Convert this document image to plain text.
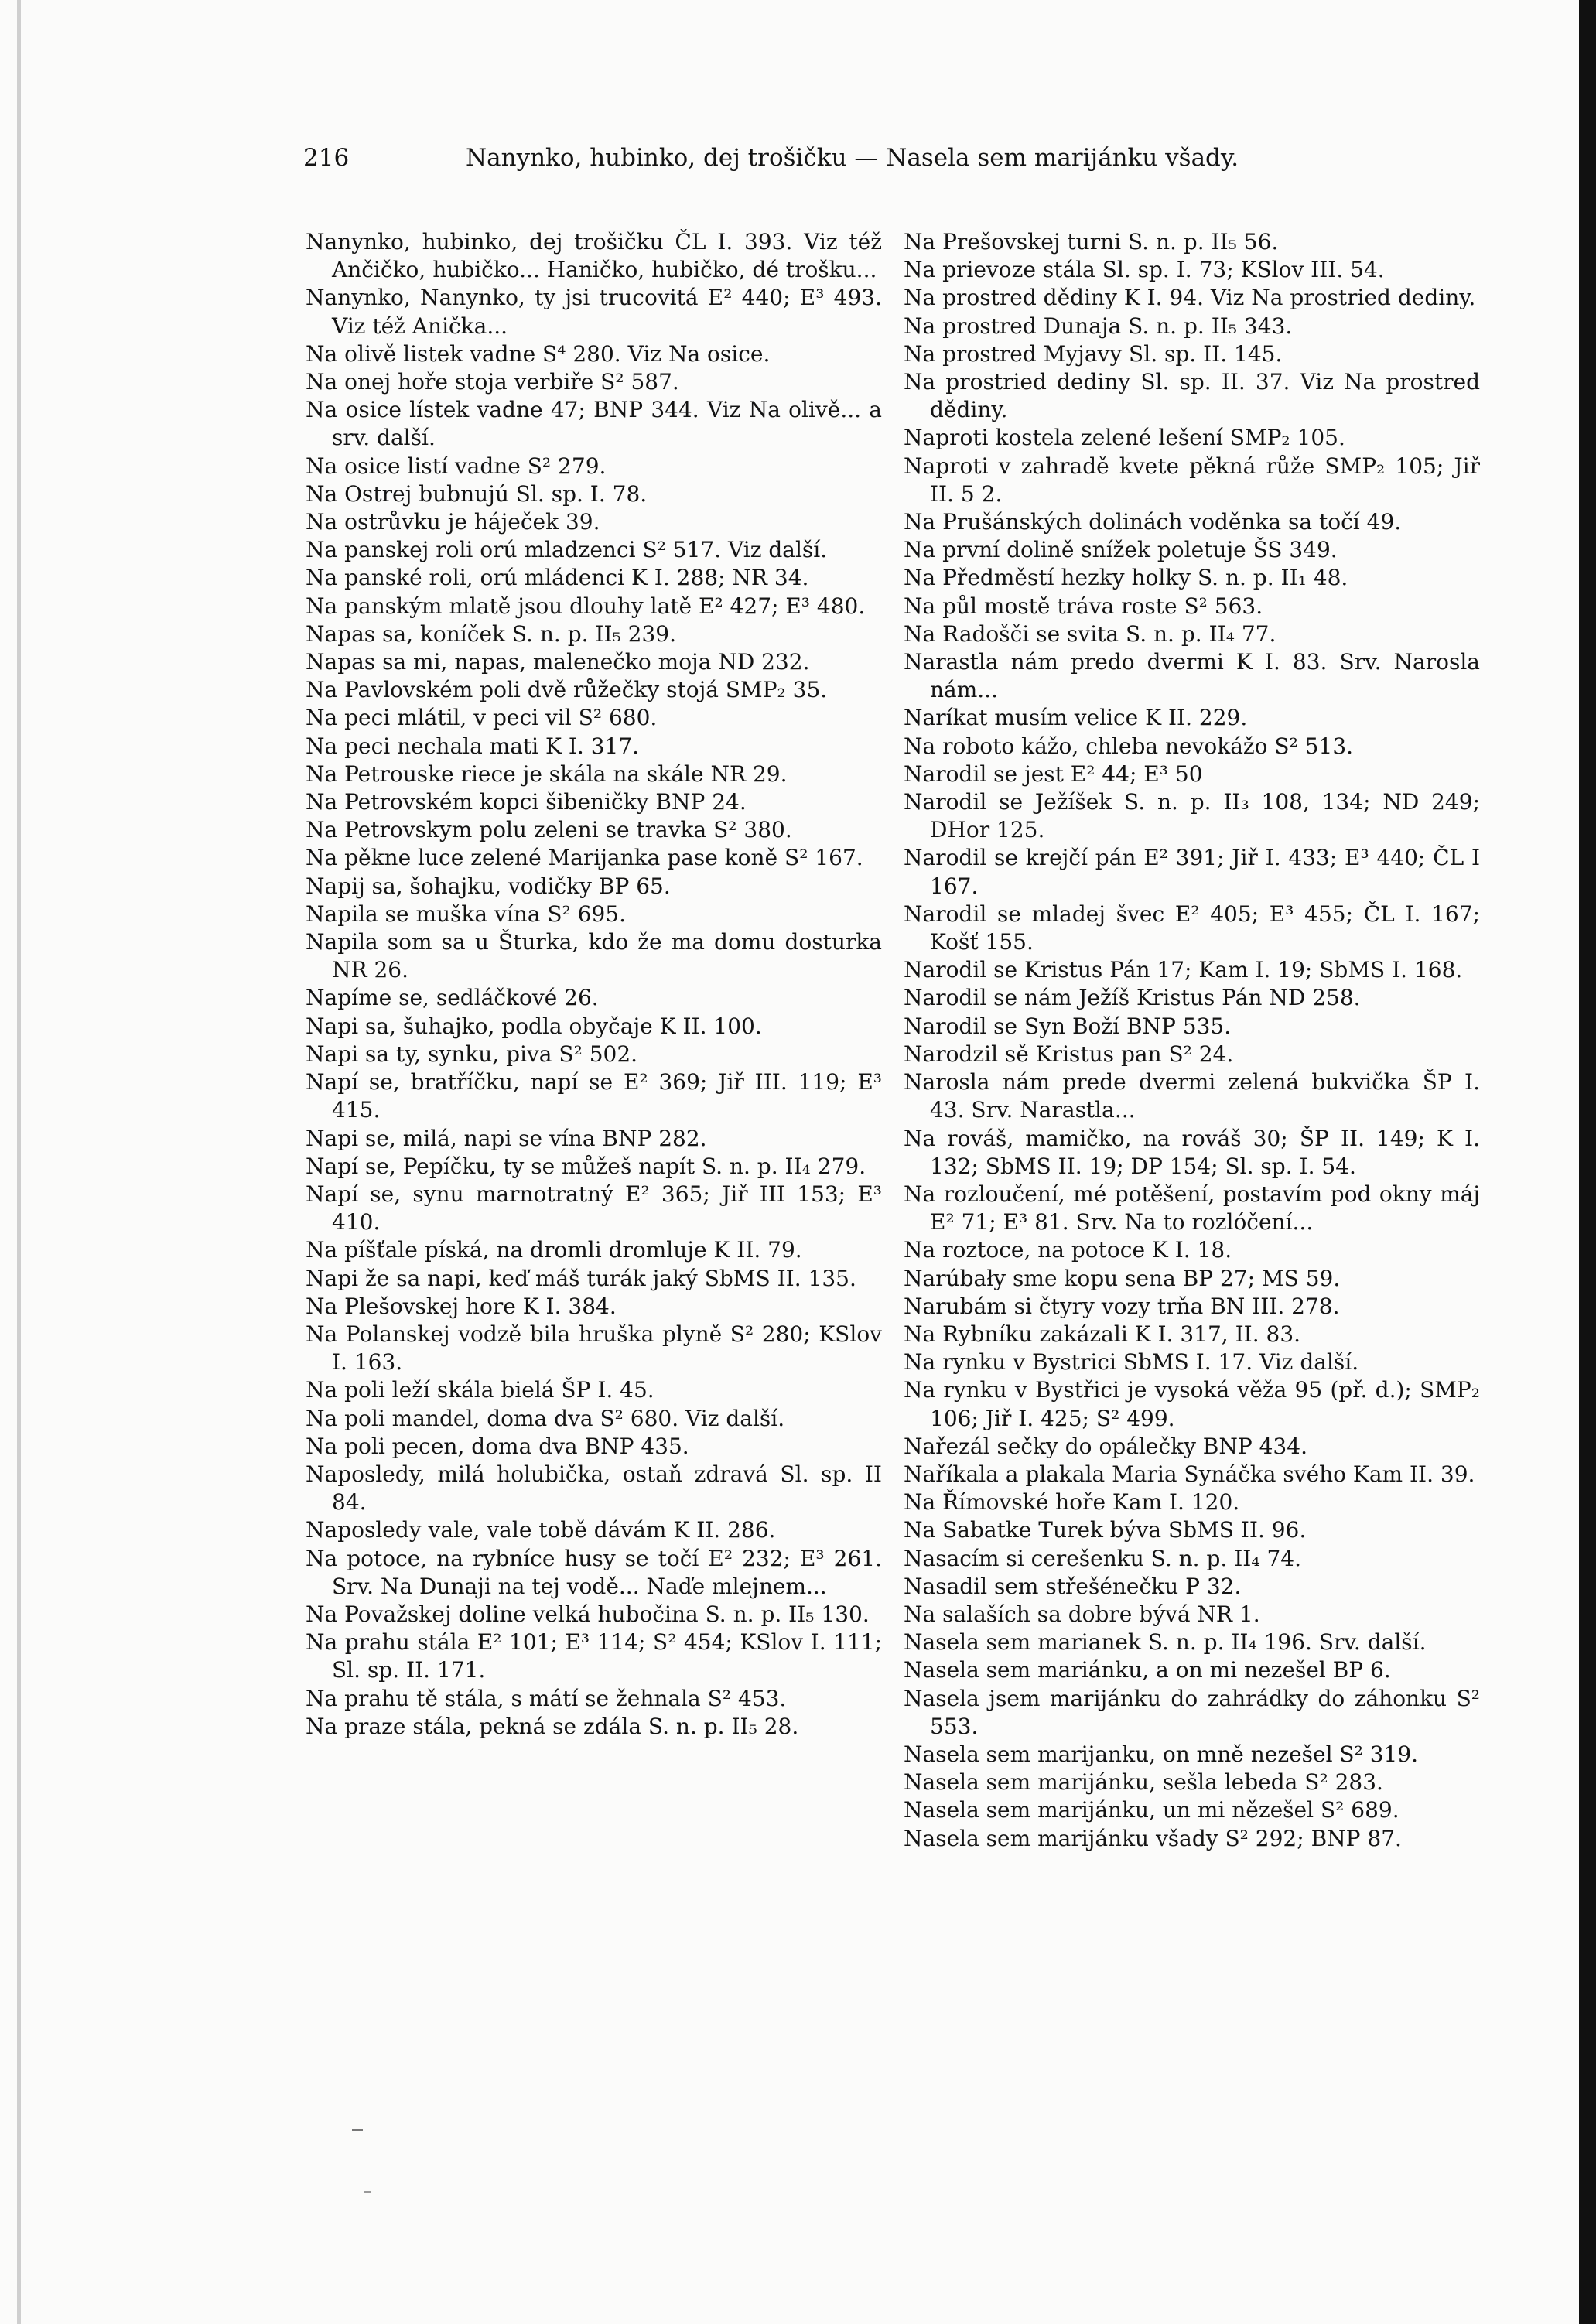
216	Nanynko, hubinko, dej trošičku — Nasela sem marijánku všady.
Nanynko, hubinko, dej trošičku ČL I. 393. Viz též Ančičko, hubičko... Haničko, hubičko, dé trošku...
Nanynko, Nanynko, ty jsi trucovitá E² 440; E³ 493. Viz též Anička...
Na olivě listek vadne S⁴ 280. Viz Na osice.
Na onej hoře stoja verbiře S² 587.
Na osice lístek vadne 47; BNP 344. Viz Na olivě... a srv. další.
Na osice listí vadne S² 279.
Na Ostrej bubnujú Sl. sp. I. 78.
Na ostrůvku je háječek 39.
Na panskej roli orú mladzenci S² 517. Viz další.
Na panské roli, orú mládenci K I. 288; NR 34.
Na panským mlatě jsou dlouhy latě E² 427; E³ 480.
Napas sa, koníček S. n. p. II₅ 239.
Napas sa mi, napas, malenečko moja ND 232.
Na Pavlovském poli dvě růžečky stojá SMP₂ 35.
Na peci mlátil, v peci vil S² 680.
Na peci nechala mati K I. 317.
Na Petrouske riece je skála na skále NR 29.
Na Petrovském kopci šibeničky BNP 24.
Na Petrovskym polu zeleni se travka S² 380.
Na pěkne luce zelené Marijanka pase koně S² 167.
Napij sa, šohajku, vodičky BP 65.
Napila se muška vína S² 695.
Napila som sa u Šturka, kdo že ma domu dosturka NR 26.
Napíme se, sedláčkové 26.
Napi sa, šuhajko, podla obyčaje K II. 100.
Napi sa ty, synku, piva S² 502.
Napí se, bratříčku, napí se E² 369; Jiř III. 119; E³ 415.
Napi se, milá, napi se vína BNP 282.
Napí se, Pepíčku, ty se můžeš napít S. n. p. II₄ 279.
Napí se, synu marnotratný E² 365; Jiř III 153; E³ 410.
Na píšťale píská, na dromli dromluje K II. 79.
Napi že sa napi, keď máš turák jaký SbMS II. 135.
Na Plešovskej hore K I. 384.
Na Polanskej vodzě bila hruška plyně S² 280; KSlov I. 163.
Na poli leží skála bielá ŠP I. 45.
Na poli mandel, doma dva S² 680. Viz další.
Na poli pecen, doma dva BNP 435.
Naposledy, milá holubička, ostaň zdravá Sl. sp. II 84.
Naposledy vale, vale tobě dávám K II. 286.
Na potoce, na rybníce husy se točí E² 232; E³ 261. Srv. Na Dunaji na tej vodě... Naďe mlejnem...
Na Považskej doline velká hubočina S. n. p. II₅ 130.
Na prahu stála E² 101; E³ 114; S² 454; KSlov I. 111; Sl. sp. II. 171.
Na prahu tě stála, s mátí se žehnala S² 453.
Na praze stála, pekná se zdála S. n. p. II₅ 28.
Na Prešovskej turni S. n. p. II₅ 56.
Na prievoze stála Sl. sp. I. 73; KSlov III. 54.
Na prostred dědiny K I. 94. Viz Na prostried dediny.
Na prostred Dunaja S. n. p. II₅ 343.
Na prostred Myjavy Sl. sp. II. 145.
Na prostried dediny Sl. sp. II. 37. Viz Na prostred dědiny.
Naproti kostela zelené lešení SMP₂ 105.
Naproti v zahradě kvete pěkná růže SMP₂ 105; Jiř II. 5 2.
Na Prušánských dolinách voděnka sa točí 49.
Na první dolině snížek poletuje ŠS 349.
Na Předměstí hezky holky S. n. p. II₁ 48.
Na půl mostě tráva roste S² 563.
Na Radošči se svita S. n. p. II₄ 77.
Narastla nám predo dvermi K I. 83. Srv. Narosla nám...
Naríkat musím velice K II. 229.
Na roboto kážo, chleba nevokážo S² 513.
Narodil se jest E² 44; E³ 50
Narodil se Ježíšek S. n. p. II₃ 108, 134; ND 249; DHor 125.
Narodil se krejčí pán E² 391; Jiř I. 433; E³ 440; ČL I 167.
Narodil se mladej švec E² 405; E³ 455; ČL I. 167; Košť 155.
Narodil se Kristus Pán 17; Kam I. 19; SbMS I. 168.
Narodil se nám Ježíš Kristus Pán ND 258.
Narodil se Syn Boží BNP 535.
Narodzil sě Kristus pan S² 24.
Narosla nám prede dvermi zelená bukvička ŠP I. 43. Srv. Narastla...
Na rováš, mamičko, na rováš 30; ŠP II. 149; K I. 132; SbMS II. 19; DP 154; Sl. sp. I. 54.
Na rozloučení, mé potěšení, postavím pod okny máj E² 71; E³ 81. Srv. Na to rozlóčení...
Na roztoce, na potoce K I. 18.
Narúbały sme kopu sena BP 27; MS 59.
Narubám si čtyry vozy trňa BN III. 278.
Na Rybníku zakázali K I. 317, II. 83.
Na rynku v Bystrici SbMS I. 17. Viz další.
Na rynku v Bystřici je vysoká věža 95 (př. d.); SMP₂ 106; Jiř I. 425; S² 499.
Nařezál sečky do opálečky BNP 434.
Naříkala a plakala Maria Synáčka svého Kam II. 39.
Na Římovské hoře Kam I. 120.
Na Sabatke Turek býva SbMS II. 96.
Nasacím si cerešenku S. n. p. II₄ 74.
Nasadil sem střešénečku P 32.
Na salaších sa dobre bývá NR 1.
Nasela sem marianek S. n. p. II₄ 196. Srv. další.
Nasela sem mariánku, a on mi nezešel BP 6.
Nasela jsem marijánku do zahrádky do záhonku S² 553.
Nasela sem marijanku, on mně nezešel S² 319.
Nasela sem marijánku, sešla lebeda S² 283.
Nasela sem marijánku, un mi nězešel S² 689.
Nasela sem marijánku všady S² 292; BNP 87.
